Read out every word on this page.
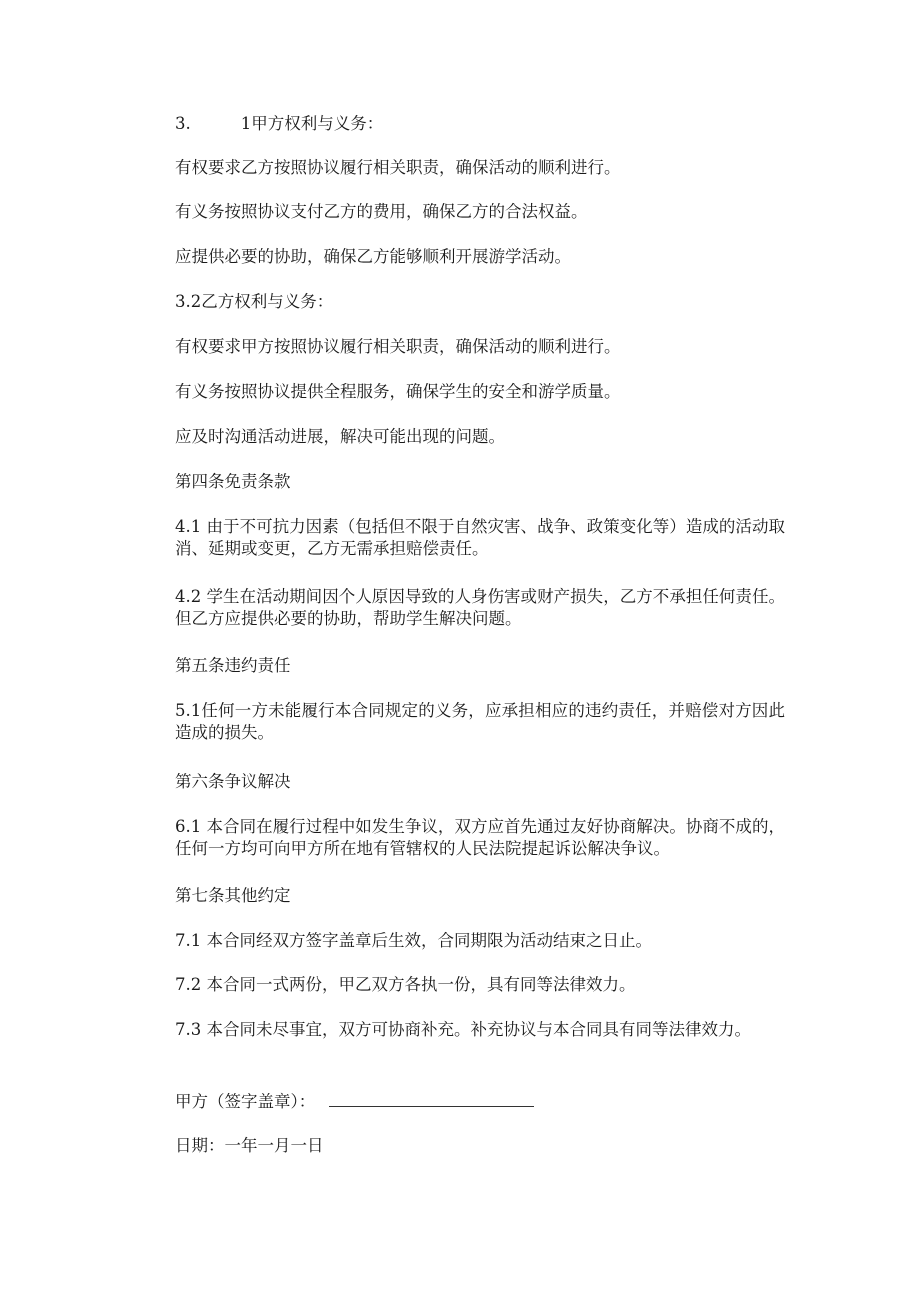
3.	1甲方权利与义务：

有权要求乙方按照协议履行相关职责，确保活动的顺利进行。

有义务按照协议支付乙方的费用，确保乙方的合法权益。

应提供必要的协助，确保乙方能够顺利开展游学活动。

3.2乙方权利与义务：

有权要求甲方按照协议履行相关职责，确保活动的顺利进行。

有义务按照协议提供全程服务，确保学生的安全和游学质量。

应及时沟通活动进展，解决可能出现的问题。

第四条免责条款

4.1 由于不可抗力因素（包括但不限于自然灾害、战争、政策变化等）造成的活动取消、延期或变更，乙方无需承担赔偿责任。

4.2 学生在活动期间因个人原因导致的人身伤害或财产损失，乙方不承担任何责任。但乙方应提供必要的协助，帮助学生解决问题。

第五条违约责任

5.1任何一方未能履行本合同规定的义务，应承担相应的违约责任，并赔偿对方因此造成的损失。

第六条争议解决

6.1 本合同在履行过程中如发生争议，双方应首先通过友好协商解决。协商不成的，任何一方均可向甲方所在地有管辖权的人民法院提起诉讼解决争议。

第七条其他约定

7.1 本合同经双方签字盖章后生效，合同期限为活动结束之日止。

7.2 本合同一式两份，甲乙双方各执一份，具有同等法律效力。

7.3 本合同未尽事宜，双方可协商补充。补充协议与本合同具有同等法律效力。

甲方（签字盖章）：

日期：一年一月一日
